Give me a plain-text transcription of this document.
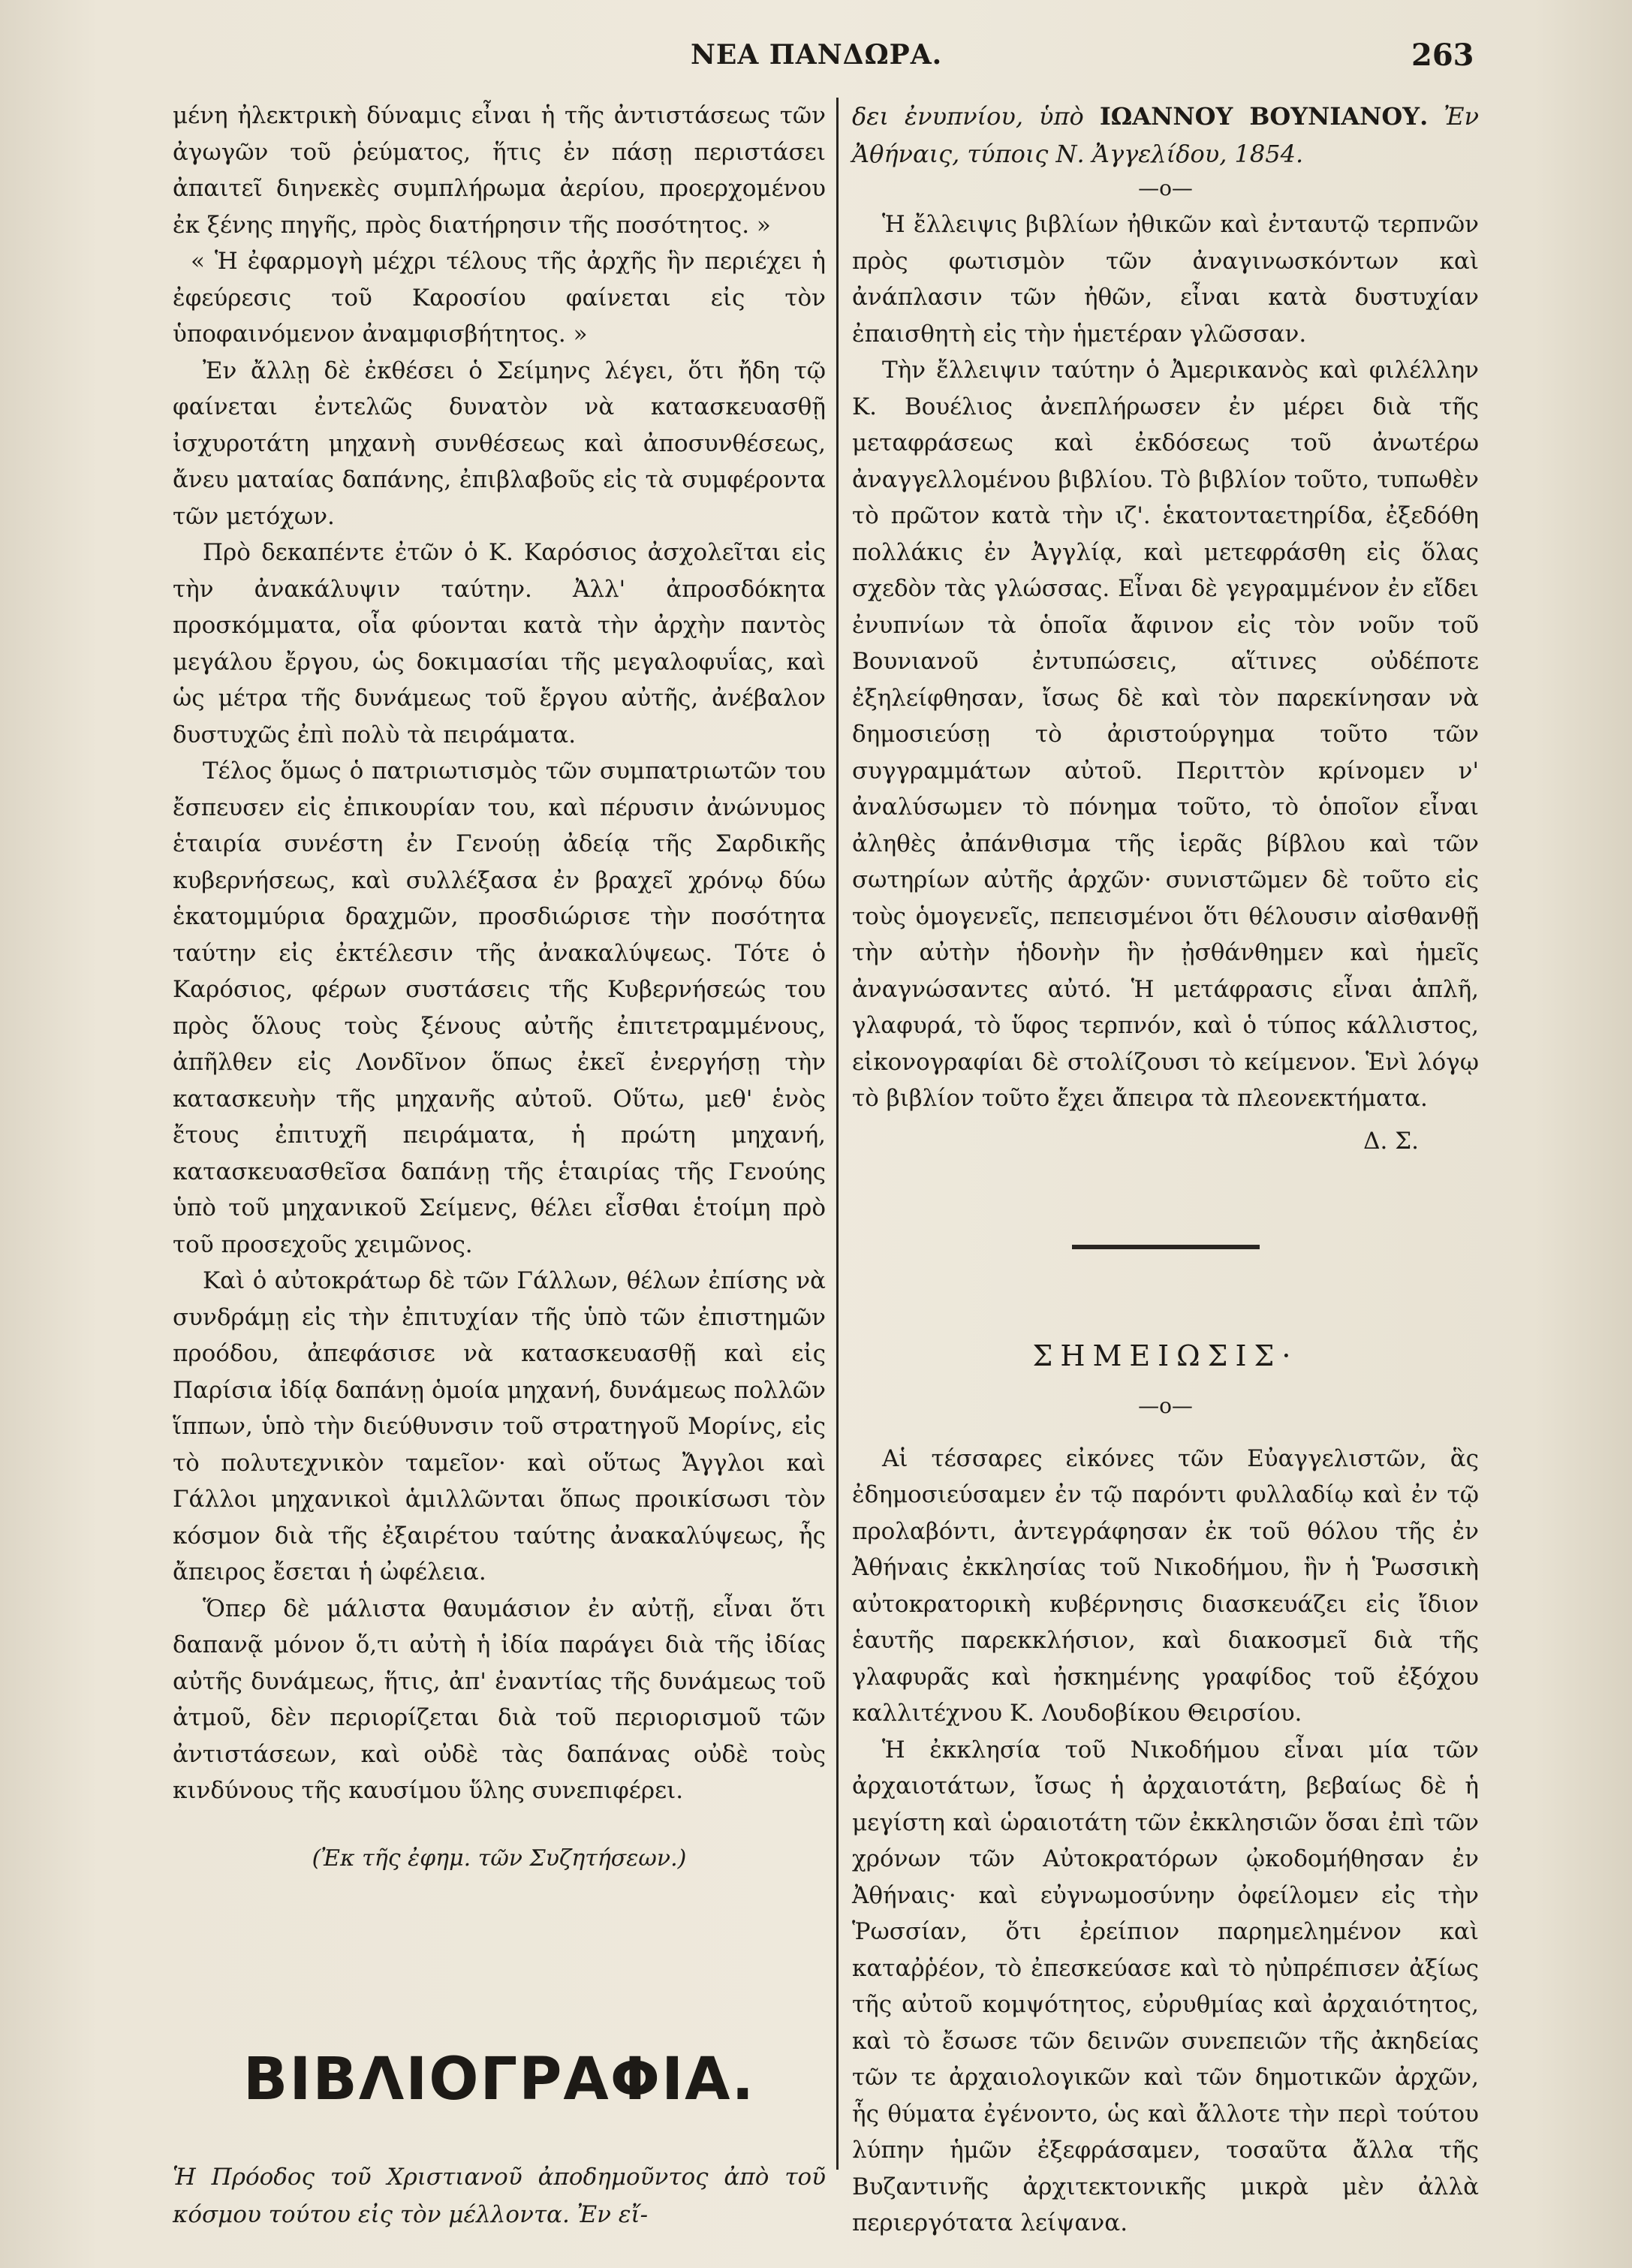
ΝΕΑ ΠΑΝΔΩΡΑ.	263

μένη ἠλεκτρικὴ δύναμις εἶναι ἡ τῆς ἀντιστάσεως τῶν ἀγωγῶν τοῦ ῥεύματος, ἥτις ἐν πάσῃ περιστάσει ἀπαιτεῖ διηνεκὲς συμπλήρωμα ἀερίου, προερχομένου ἐκ ξένης πηγῆς, πρὸς διατήρησιν τῆς ποσότητος. »

« Ἡ ἐφαρμογὴ μέχρι τέλους τῆς ἀρχῆς ἣν περιέχει ἡ ἐφεύρεσις τοῦ Καροσίου φαίνεται εἰς τὸν ὑποφαινόμενον ἀναμφισβήτητος. »

Ἐν ἄλλῃ δὲ ἐκθέσει ὁ Σείμηνς λέγει, ὅτι ἤδη τῷ φαίνεται ἐντελῶς δυνατὸν νὰ κατασκευασθῇ ἰσχυροτάτη μηχανὴ συνθέσεως καὶ ἀποσυνθέσεως, ἄνευ ματαίας δαπάνης, ἐπιβλαβοῦς εἰς τὰ συμφέροντα τῶν μετόχων.

Πρὸ δεκαπέντε ἐτῶν ὁ Κ. Καρόσιος ἀσχολεῖται εἰς τὴν ἀνακάλυψιν ταύτην. Ἀλλ' ἀπροσδόκητα προσκόμματα, οἷα φύονται κατὰ τὴν ἀρχὴν παντὸς μεγάλου ἔργου, ὡς δοκιμασίαι τῆς μεγαλοφυΐας, καὶ ὡς μέτρα τῆς δυνάμεως τοῦ ἔργου αὐτῆς, ἀνέβαλον δυστυχῶς ἐπὶ πολὺ τὰ πειράματα.

Τέλος ὅμως ὁ πατριωτισμὸς τῶν συμπατριωτῶν του ἔσπευσεν εἰς ἐπικουρίαν του, καὶ πέρυσιν ἀνώνυμος ἑταιρία συνέστη ἐν Γενούῃ ἀδείᾳ τῆς Σαρδικῆς κυβερνήσεως, καὶ συλλέξασα ἐν βραχεῖ χρόνῳ δύω ἑκατομμύρια δραχμῶν, προσδιώρισε τὴν ποσότητα ταύτην εἰς ἐκτέλεσιν τῆς ἀνακαλύψεως. Τότε ὁ Καρόσιος, φέρων συστάσεις τῆς Κυβερνήσεώς του πρὸς ὅλους τοὺς ξένους αὐτῆς ἐπιτετραμμένους, ἀπῆλθεν εἰς Λονδῖνον ὅπως ἐκεῖ ἐνεργήσῃ τὴν κατασκευὴν τῆς μηχανῆς αὐτοῦ. Οὕτω, μεθ' ἑνὸς ἔτους ἐπιτυχῆ πειράματα, ἡ πρώτη μηχανή, κατασκευασθεῖσα δαπάνῃ τῆς ἑταιρίας τῆς Γενούης ὑπὸ τοῦ μηχανικοῦ Σείμενς, θέλει εἶσθαι ἑτοίμη πρὸ τοῦ προσεχοῦς χειμῶνος.

Καὶ ὁ αὐτοκράτωρ δὲ τῶν Γάλλων, θέλων ἐπίσης νὰ συνδράμῃ εἰς τὴν ἐπιτυχίαν τῆς ὑπὸ τῶν ἐπιστημῶν προόδου, ἀπεφάσισε νὰ κατασκευασθῇ καὶ εἰς Παρίσια ἰδίᾳ δαπάνῃ ὁμοία μηχανή, δυνάμεως πολλῶν ἵππων, ὑπὸ τὴν διεύθυνσιν τοῦ στρατηγοῦ Μορίνς, εἰς τὸ πολυτεχνικὸν ταμεῖον· καὶ οὕτως Ἄγγλοι καὶ Γάλλοι μηχανικοὶ ἁμιλλῶνται ὅπως προικίσωσι τὸν κόσμον διὰ τῆς ἐξαιρέτου ταύτης ἀνακαλύψεως, ἧς ἄπειρος ἔσεται ἡ ὠφέλεια.

Ὅπερ δὲ μάλιστα θαυμάσιον ἐν αὐτῇ, εἶναι ὅτι δαπανᾷ μόνον ὅ,τι αὐτὴ ἡ ἰδία παράγει διὰ τῆς ἰδίας αὐτῆς δυνάμεως, ἥτις, ἀπ' ἐναντίας τῆς δυνάμεως τοῦ ἀτμοῦ, δὲν περιορίζεται διὰ τοῦ περιορισμοῦ τῶν ἀντιστάσεων, καὶ οὐδὲ τὰς δαπάνας οὐδὲ τοὺς κινδύνους τῆς καυσίμου ὕλης συνεπιφέρει.

(Ἐκ τῆς ἐφημ. τῶν Συζητήσεων.)
ΒΙΒΛΙΟΓΡΑΦΙΑ.
Ἡ Πρόοδος τοῦ Χριστιανοῦ ἀποδημοῦντος ἀπὸ τοῦ κόσμου τούτου εἰς τὸν μέλλοντα. Ἐν εἴ-

δει ἐνυπνίου, ὑπὸ ΙΩΑΝΝΟΥ ΒΟΥΝΙΑΝΟΥ. Ἐν Ἀθήναις, τύποις Ν. Ἀγγελίδου, 1854.

—o—

Ἡ ἔλλειψις βιβλίων ἠθικῶν καὶ ἐνταυτῷ τερπνῶν πρὸς φωτισμὸν τῶν ἀναγινωσκόντων καὶ ἀνάπλασιν τῶν ἠθῶν, εἶναι κατὰ δυστυχίαν ἐπαισθητὴ εἰς τὴν ἡμετέραν γλῶσσαν.

Τὴν ἔλλειψιν ταύτην ὁ Ἀμερικανὸς καὶ φιλέλλην Κ. Βουέλιος ἀνεπλήρωσεν ἐν μέρει διὰ τῆς μεταφράσεως καὶ ἐκδόσεως τοῦ ἀνωτέρω ἀναγγελλομένου βιβλίου. Τὸ βιβλίον τοῦτο, τυπωθὲν τὸ πρῶτον κατὰ τὴν ιζ'. ἑκατονταετηρίδα, ἐξεδόθη πολλάκις ἐν Ἀγγλίᾳ, καὶ μετεφράσθη εἰς ὅλας σχεδὸν τὰς γλώσσας. Εἶναι δὲ γεγραμμένον ἐν εἴδει ἐνυπνίων τὰ ὁποῖα ἄφινον εἰς τὸν νοῦν τοῦ Βουνιανοῦ ἐντυπώσεις, αἵτινες οὐδέποτε ἐξηλείφθησαν, ἴσως δὲ καὶ τὸν παρεκίνησαν νὰ δημοσιεύσῃ τὸ ἀριστούργημα τοῦτο τῶν συγγραμμάτων αὐτοῦ. Περιττὸν κρίνομεν ν' ἀναλύσωμεν τὸ πόνημα τοῦτο, τὸ ὁποῖον εἶναι ἀληθὲς ἀπάνθισμα τῆς ἱερᾶς βίβλου καὶ τῶν σωτηρίων αὐτῆς ἀρχῶν· συνιστῶμεν δὲ τοῦτο εἰς τοὺς ὁμογενεῖς, πεπεισμένοι ὅτι θέλουσιν αἰσθανθῇ τὴν αὐτὴν ἡδονὴν ἣν ᾐσθάνθημεν καὶ ἡμεῖς ἀναγνώσαντες αὐτό. Ἡ μετάφρασις εἶναι ἁπλῆ, γλαφυρά, τὸ ὕφος τερπνόν, καὶ ὁ τύπος κάλλιστος, εἰκονογραφίαι δὲ στολίζουσι τὸ κείμενον. Ἑνὶ λόγῳ τὸ βιβλίον τοῦτο ἔχει ἄπειρα τὰ πλεονεκτήματα.

Δ. Σ.
ΣΗΜΕΙΩΣΙΣ·
—o—

Αἱ τέσσαρες εἰκόνες τῶν Εὐαγγελιστῶν, ἃς ἐδημοσιεύσαμεν ἐν τῷ παρόντι φυλλαδίῳ καὶ ἐν τῷ προλαβόντι, ἀντεγράφησαν ἐκ τοῦ θόλου τῆς ἐν Ἀθήναις ἐκκλησίας τοῦ Νικοδήμου, ἣν ἡ Ῥωσσικὴ αὐτοκρατορικὴ κυβέρνησις διασκευάζει εἰς ἴδιον ἑαυτῆς παρεκκλήσιον, καὶ διακοσμεῖ διὰ τῆς γλαφυρᾶς καὶ ἠσκημένης γραφίδος τοῦ ἐξόχου καλλιτέχνου Κ. Λουδοβίκου Θειρσίου.

Ἡ ἐκκλησία τοῦ Νικοδήμου εἶναι μία τῶν ἀρχαιοτάτων, ἴσως ἡ ἀρχαιοτάτη, βεβαίως δὲ ἡ μεγίστη καὶ ὡραιοτάτη τῶν ἐκκλησιῶν ὅσαι ἐπὶ τῶν χρόνων τῶν Αὐτοκρατόρων ᾠκοδομήθησαν ἐν Ἀθήναις· καὶ εὐγνωμοσύνην ὀφείλομεν εἰς τὴν Ῥωσσίαν, ὅτι ἐρείπιον παρημελημένον καὶ καταῤῥέον, τὸ ἐπεσκεύασε καὶ τὸ ηὐπρέπισεν ἀξίως τῆς αὐτοῦ κομψότητος, εὐρυθμίας καὶ ἀρχαιότητος, καὶ τὸ ἔσωσε τῶν δεινῶν συνεπειῶν τῆς ἀκηδείας τῶν τε ἀρχαιολογικῶν καὶ τῶν δημοτικῶν ἀρχῶν, ἧς θύματα ἐγένοντο, ὡς καὶ ἄλλοτε τὴν περὶ τούτου λύπην ἡμῶν ἐξεφράσαμεν, τοσαῦτα ἄλλα τῆς Βυζαντινῆς ἀρχιτεκτονικῆς μικρὰ μὲν ἀλλὰ περιεργότατα λείψανα.
